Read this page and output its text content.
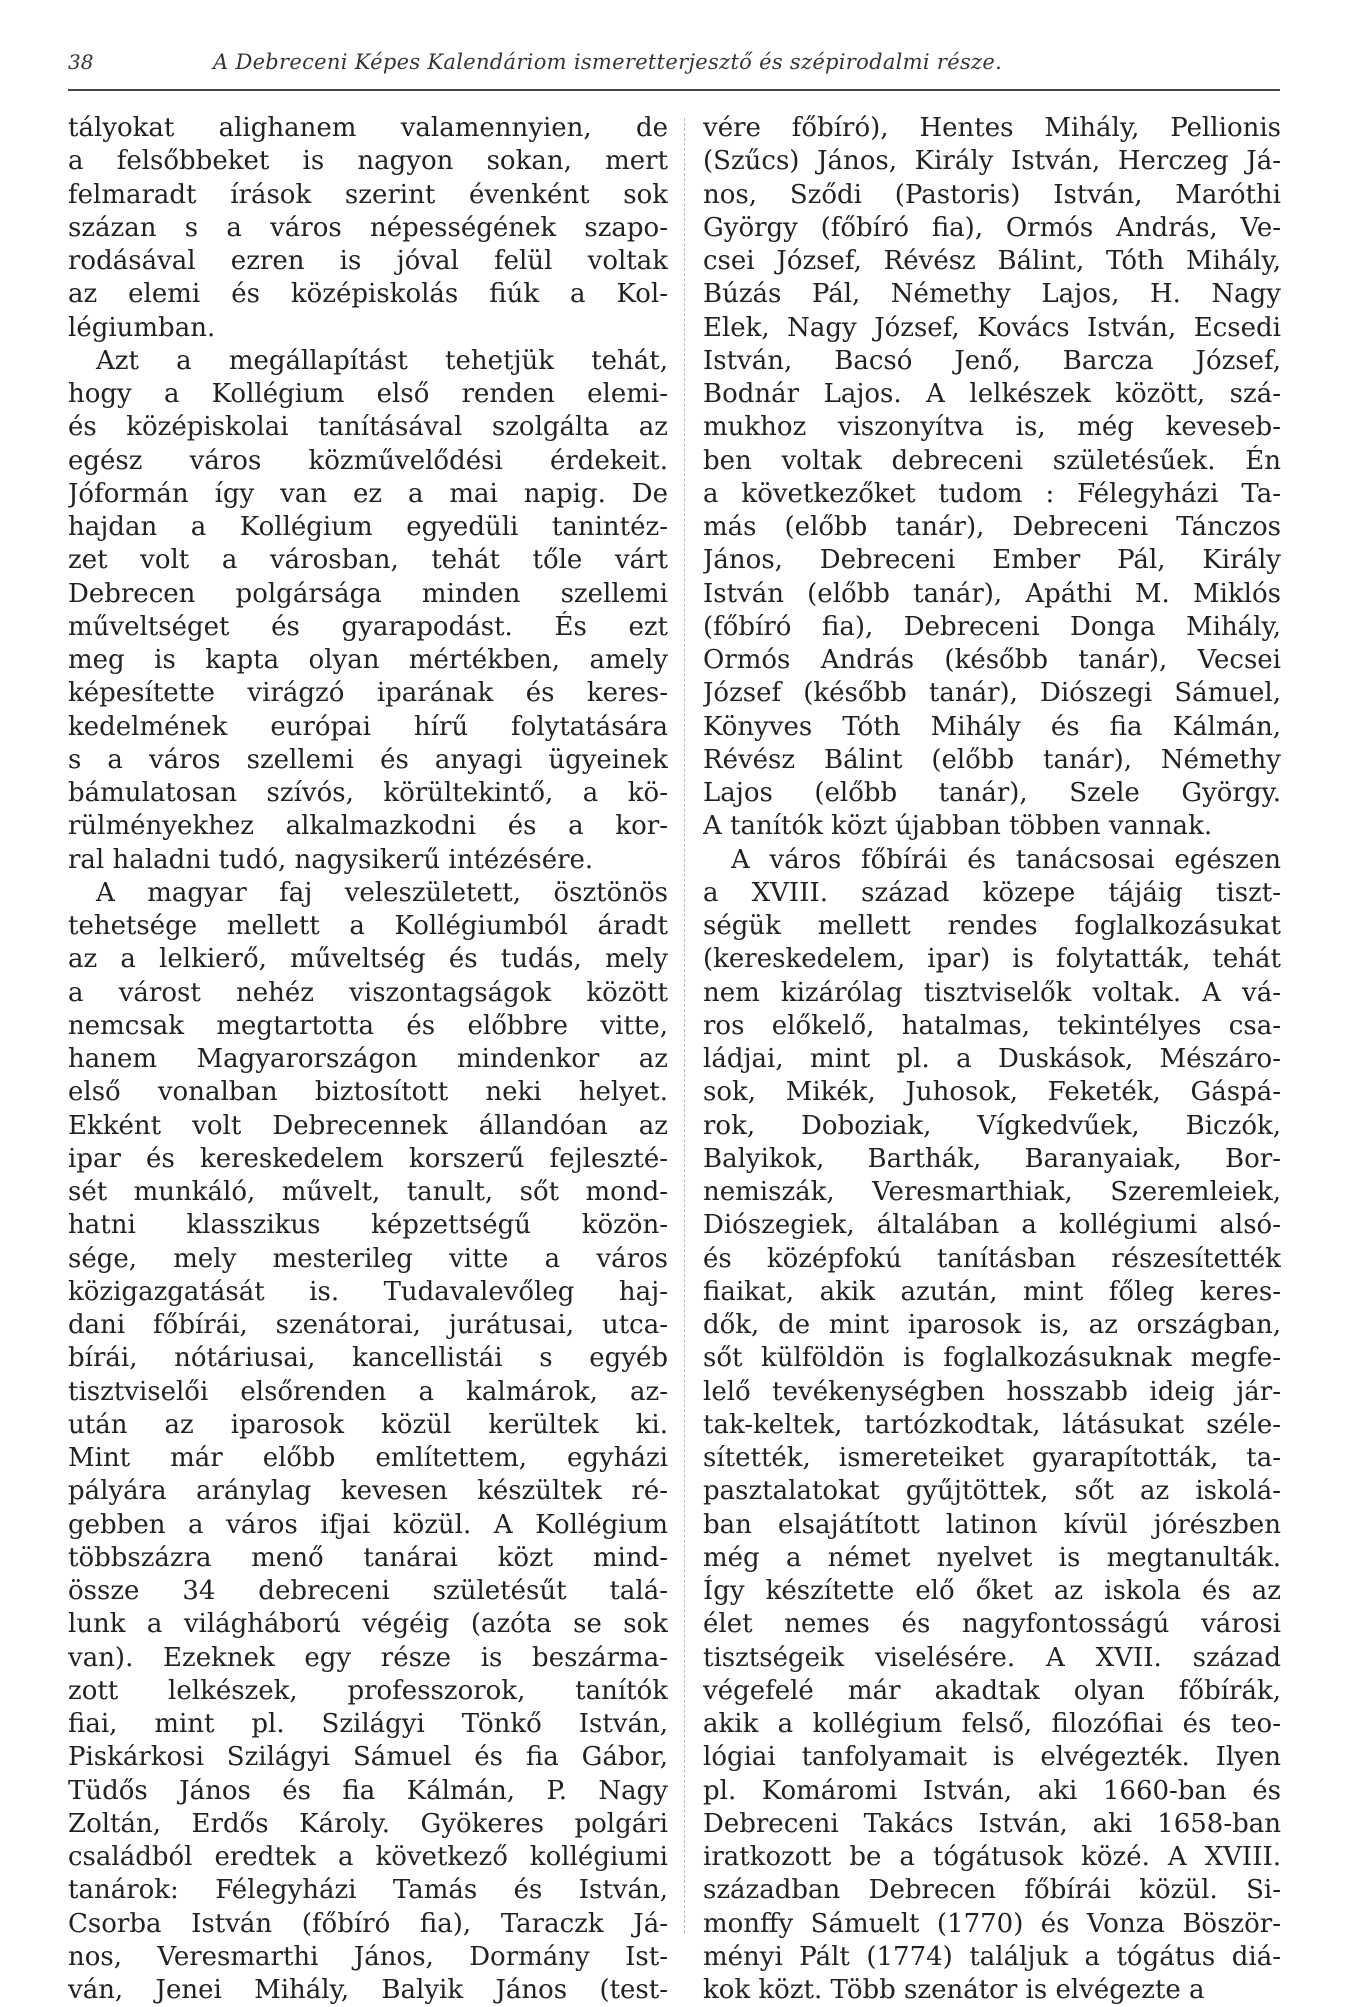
38	A Debreceni Képes Kalendáriom ismeretterjesztő és szépirodalmi része.
tályokat alighanem valamennyien, de
a felsőbbeket is nagyon sokan, mert
felmaradt írások szerint évenként sok
százan s a város népességének szapo-
rodásával ezren is jóval felül voltak
az elemi és középiskolás fiúk a Kol-
légiumban.
Azt a megállapítást tehetjük tehát,
hogy a Kollégium első renden elemi-
és középiskolai tanításával szolgálta az
egész város közművelődési érdekeit.
Jóformán így van ez a mai napig. De
hajdan a Kollégium egyedüli tanintéz-
zet volt a városban, tehát tőle várt
Debrecen polgársága minden szellemi
műveltséget és gyarapodást. És ezt
meg is kapta olyan mértékben, amely
képesítette virágzó iparának és keres-
kedelmének európai hírű folytatására
s a város szellemi és anyagi ügyeinek
bámulatosan szívós, körültekintő, a kö-
rülményekhez alkalmazkodni és a kor-
ral haladni tudó, nagysikerű intézésére.
A magyar faj veleszületett, ösztönös
tehetsége mellett a Kollégiumból áradt
az a lelkierő, műveltség és tudás, mely
a várost nehéz viszontagságok között
nemcsak megtartotta és előbbre vitte,
hanem Magyarországon mindenkor az
első vonalban biztosított neki helyet.
Ekként volt Debrecennek állandóan az
ipar és kereskedelem korszerű fejleszté-
sét munkáló, művelt, tanult, sőt mond-
hatni klasszikus képzettségű közön-
sége, mely mesterileg vitte a város
közigazgatását is. Tudavalevőleg haj-
dani főbírái, szenátorai, jurátusai, utca-
bírái, nótáriusai, kancellistái s egyéb
tisztviselői elsőrenden a kalmárok, az-
után az iparosok közül kerültek ki.
Mint már előbb említettem, egyházi
pályára aránylag kevesen készültek ré-
gebben a város ifjai közül. A Kollégium
többszázra menő tanárai közt mind-
össze 34 debreceni születésűt talá-
lunk a világháború végéig (azóta se sok
van). Ezeknek egy része is beszárma-
zott lelkészek, professzorok, tanítók
fiai, mint pl. Szilágyi Tönkő István,
Piskárkosi Szilágyi Sámuel és fia Gábor,
Tüdős János és fia Kálmán, P. Nagy
Zoltán, Erdős Károly. Gyökeres polgári
családból eredtek a következő kollégiumi
tanárok: Félegyházi Tamás és István,
Csorba István (főbíró fia), Taraczk Já-
nos, Veresmarthi János, Dormány Ist-
ván, Jenei Mihály, Balyik János (test-
vére főbíró), Hentes Mihály, Pellionis
(Szűcs) János, Király István, Herczeg Já-
nos, Sződi (Pastoris) István, Maróthi
György (főbíró fia), Ormós András, Ve-
csei József, Révész Bálint, Tóth Mihály,
Búzás Pál, Némethy Lajos, H. Nagy
Elek, Nagy József, Kovács István, Ecsedi
István, Bacsó Jenő, Barcza József,
Bodnár Lajos. A lelkészek között, szá-
mukhoz viszonyítva is, még keveseb-
ben voltak debreceni születésűek. Én
a következőket tudom : Félegyházi Ta-
más (előbb tanár), Debreceni Tánczos
János, Debreceni Ember Pál, Király
István (előbb tanár), Apáthi M. Miklós
(főbíró fia), Debreceni Donga Mihály,
Ormós András (később tanár), Vecsei
József (később tanár), Diószegi Sámuel,
Könyves Tóth Mihály és fia Kálmán,
Révész Bálint (előbb tanár), Némethy
Lajos (előbb tanár), Szele György.
A tanítók közt újabban többen vannak.
A város főbírái és tanácsosai egészen
a XVIII. század közepe tájáig tiszt-
ségük mellett rendes foglalkozásukat
(kereskedelem, ipar) is folytatták, tehát
nem kizárólag tisztviselők voltak. A vá-
ros előkelő, hatalmas, tekintélyes csa-
ládjai, mint pl. a Duskások, Mészáro-
sok, Mikék, Juhosok, Feketék, Gáspá-
rok, Doboziak, Vígkedvűek, Biczók,
Balyikok, Barthák, Baranyaiak, Bor-
nemiszák, Veresmarthiak, Szeremleiek,
Diószegiek, általában a kollégiumi alsó-
és középfokú tanításban részesítették
fiaikat, akik azután, mint főleg keres-
dők, de mint iparosok is, az országban,
sőt külföldön is foglalkozásuknak megfe-
lelő tevékenységben hosszabb ideig jár-
tak-keltek, tartózkodtak, látásukat széle-
sítették, ismereteiket gyarapították, ta-
pasztalatokat gyűjtöttek, sőt az iskolá-
ban elsajátított latinon kívül jórészben
még a német nyelvet is megtanulták.
Így készítette elő őket az iskola és az
élet nemes és nagyfontosságú városi
tisztségeik viselésére. A XVII. század
végefelé már akadtak olyan főbírák,
akik a kollégium felső, filozófiai és teo-
lógiai tanfolyamait is elvégezték. Ilyen
pl. Komáromi István, aki 1660-ban és
Debreceni Takács István, aki 1658-ban
iratkozott be a tógátusok közé. A XVIII.
században Debrecen főbírái közül. Si-
monffy Sámuelt (1770) és Vonza Böször-
ményi Pált (1774) találjuk a tógátus diá-
kok közt. Több szenátor is elvégezte a
